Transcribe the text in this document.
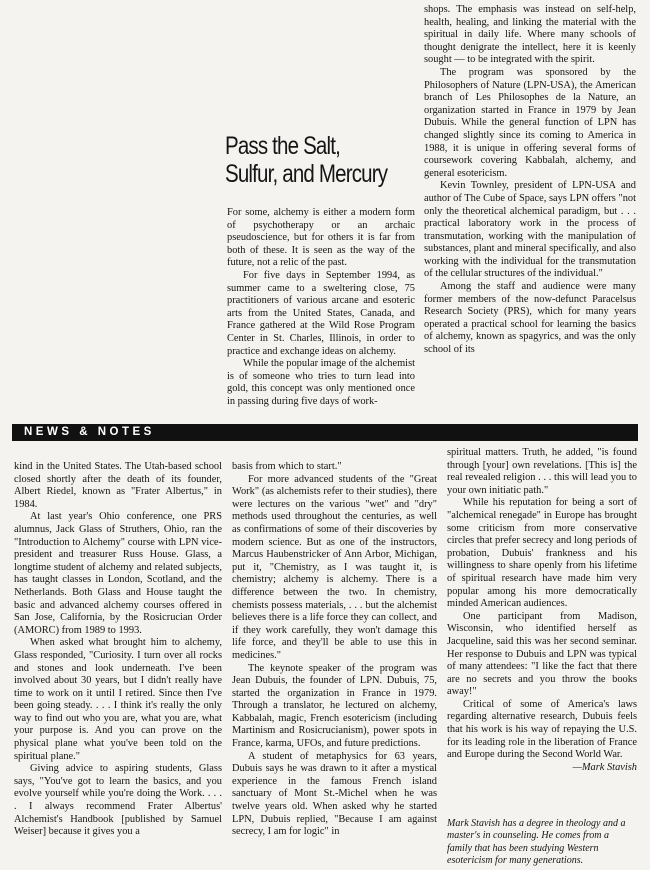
Pass the Salt, Sulfur, and Mercury

For some, alchemy is either a modern form of psychotherapy or an archaic pseudoscience, but for others it is far from both of these. It is seen as the way of the future, not a relic of the past.

For five days in September 1994, as summer came to a sweltering close, 75 practitioners of various arcane and esoteric arts from the United States, Canada, and France gathered at the Wild Rose Program Center in St. Charles, Illinois, in order to practice and exchange ideas on alchemy.

While the popular image of the alchemist is of someone who tries to turn lead into gold, this concept was only mentioned once in passing during five days of work-

shops. The emphasis was instead on self-help, health, healing, and linking the material with the spiritual in daily life. Where many schools of thought denigrate the intellect, here it is keenly sought — to be integrated with the spirit.

The program was sponsored by the Philosophers of Nature (LPN-USA), the American branch of Les Philosophes de la Nature, an organization started in France in 1979 by Jean Dubuis. While the general function of LPN has changed slightly since its coming to America in 1988, it is unique in offering several forms of coursework covering Kabbalah, alchemy, and general esotericism.

Kevin Townley, president of LPN-USA and author of The Cube of Space, says LPN offers "not only the theoretical alchemical paradigm, but . . . practical laboratory work in the process of transmutation, working with the manipulation of substances, plant and mineral specifically, and also working with the individual for the transmutation of the cellular structures of the individual."

Among the staff and audience were many former members of the now-defunct Paracelsus Research Society (PRS), which for many years operated a practical school for learning the basics of alchemy, known as spagyrics, and was the only school of its

NEWS & NOTES

kind in the United States. The Utah-based school closed shortly after the death of its founder, Albert Riedel, known as "Frater Albertus," in 1984.

At last year's Ohio conference, one PRS alumnus, Jack Glass of Struthers, Ohio, ran the "Introduction to Alchemy" course with LPN vice-president and treasurer Russ House. Glass, a longtime student of alchemy and related subjects, has taught classes in London, Scotland, and the Netherlands. Both Glass and House taught the basic and advanced alchemy courses offered in San Jose, California, by the Rosicrucian Order (AMORC) from 1989 to 1993.

When asked what brought him to alchemy, Glass responded, "Curiosity. I turn over all rocks and stones and look underneath. I've been involved about 30 years, but I didn't really have time to work on it until I retired. Since then I've been going steady. . . . I think it's really the only way to find out who you are, what you are, what your purpose is. And you can prove on the physical plane what you've been told on the spiritual plane."

Giving advice to aspiring students, Glass says, "You've got to learn the basics, and you evolve yourself while you're doing the Work. . . . . I always recommend Frater Albertus' Alchemist's Handbook [published by Samuel Weiser] because it gives you a

basis from which to start."

For more advanced students of the "Great Work" (as alchemists refer to their studies), there were lectures on the various "wet" and "dry" methods used throughout the centuries, as well as confirmations of some of their discoveries by modern science. But as one of the instructors, Marcus Haubenstricker of Ann Arbor, Michigan, put it, "Chemistry, as I was taught it, is chemistry; alchemy is alchemy. There is a difference between the two. In chemistry, chemists possess materials, . . . but the alchemist believes there is a life force they can collect, and if they work carefully, they won't damage this life force, and they'll be able to use this in medicines."

The keynote speaker of the program was Jean Dubuis, the founder of LPN. Dubuis, 75, started the organization in France in 1979. Through a translator, he lectured on alchemy, Kabbalah, magic, French esotericism (including Martinism and Rosicrucianism), power spots in France, karma, UFOs, and future predictions.

A student of metaphysics for 63 years, Dubuis says he was drawn to it after a mystical experience in the famous French island sanctuary of Mont St.-Michel when he was twelve years old. When asked why he started LPN, Dubuis replied, "Because I am against secrecy, I am for logic" in

spiritual matters. Truth, he added, "is found through [your] own revelations. [This is] the real revealed religion . . . this will lead you to your own initiatic path."

While his reputation for being a sort of "alchemical renegade" in Europe has brought some criticism from more conservative circles that prefer secrecy and long periods of probation, Dubuis' frankness and his willingness to share openly from his lifetime of spiritual research have made him very popular among his more democratically minded American audiences.

One participant from Madison, Wisconsin, who identified herself as Jacqueline, said this was her second seminar. Her response to Dubuis and LPN was typical of many attendees: "I like the fact that there are no secrets and you throw the books away!"

Critical of some of America's laws regarding alternative research, Dubuis feels that his work is his way of repaying the U.S. for its leading role in the liberation of France and Europe during the Second World War.

—Mark Stavish

Mark Stavish has a degree in theology and a master's in counseling. He comes from a family that has been studying Western esotericism for many generations.
